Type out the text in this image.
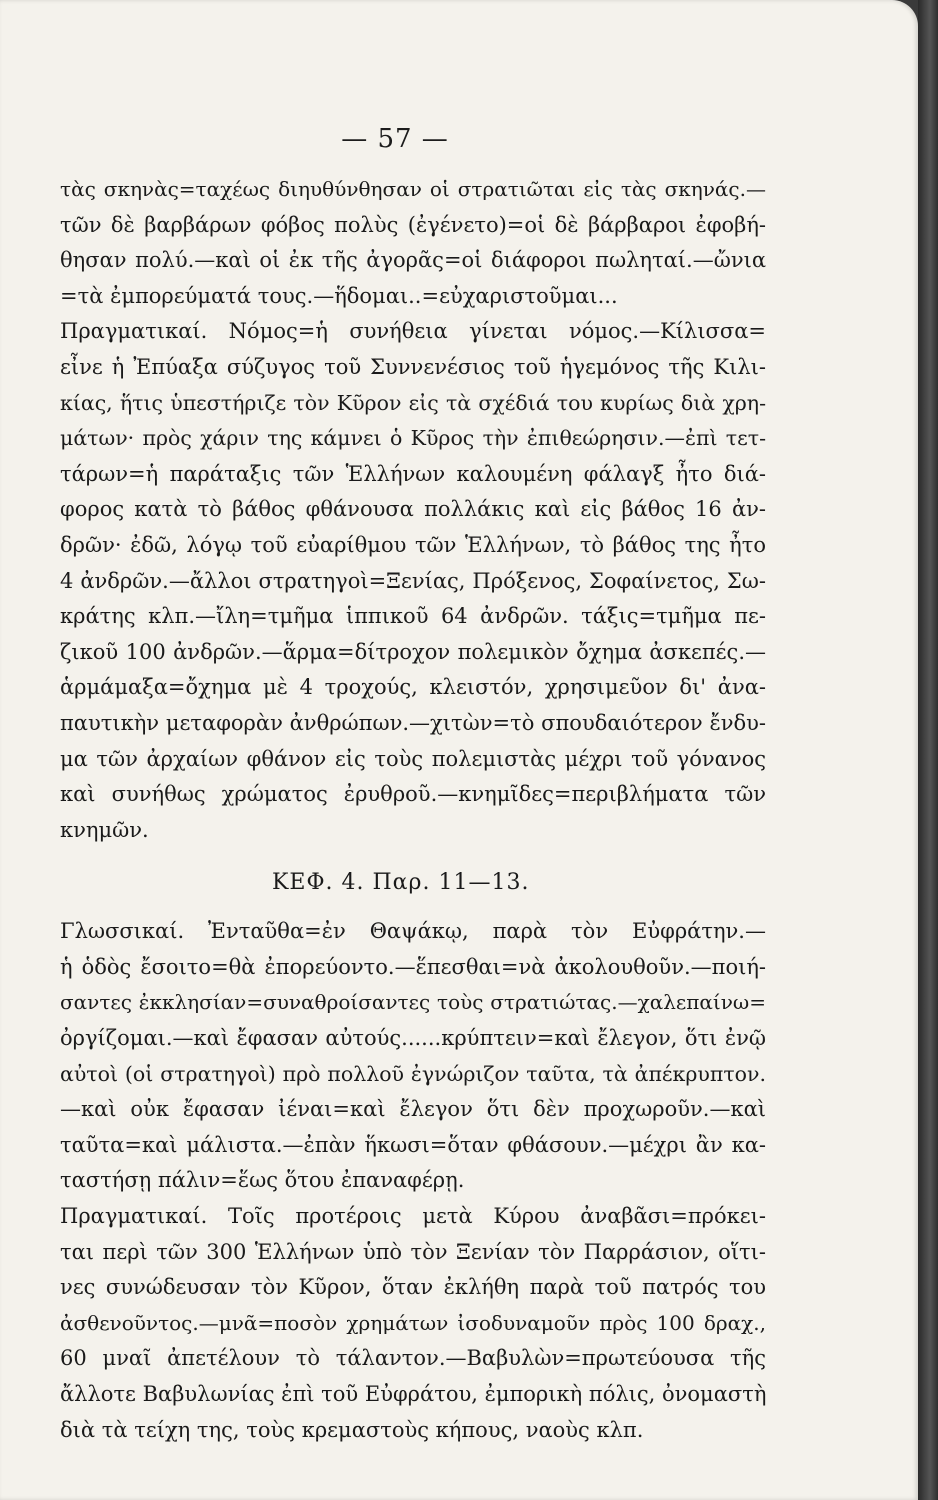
— 57 —
τὰς σκηνὰς=ταχέως διηυθύνθησαν οἱ στρατιῶται εἰς τὰς σκηνάς.—
τῶν δὲ βαρβάρων φόβος πολὺς (ἐγένετο)=οἱ δὲ βάρβαροι ἐφοβή-
θησαν πολύ.—καὶ οἱ ἐκ τῆς ἀγορᾶς=οἱ διάφοροι πωληταί.—ὤνια
=τὰ ἐμπορεύματά τους.—ἥδομαι..=εὐχαριστοῦμαι...
Πραγματικαί. Νόμος=ἡ συνήθεια γίνεται νόμος.—Κίλισσα=
εἶνε ἡ Ἐπύαξα σύζυγος τοῦ Συννενέσιος τοῦ ἡγεμόνος τῆς Κιλι-
κίας, ἥτις ὑπεστήριζε τὸν Κῦρον εἰς τὰ σχέδιά του κυρίως διὰ χρη-
μάτων· πρὸς χάριν της κάμνει ὁ Κῦρος τὴν ἐπιθεώρησιν.—ἐπὶ τετ-
τάρων=ἡ παράταξις τῶν Ἑλλήνων καλουμένη φάλαγξ ἦτο διά-
φορος κατὰ τὸ βάθος φθάνουσα πολλάκις καὶ εἰς βάθος 16 ἀν-
δρῶν· ἐδῶ, λόγῳ τοῦ εὐαρίθμου τῶν Ἑλλήνων, τὸ βάθος της ἦτο
4 ἀνδρῶν.—ἄλλοι στρατηγοὶ=Ξενίας, Πρόξενος, Σοφαίνετος, Σω-
κράτης κλπ.—ἴλη=τμῆμα ἱππικοῦ 64 ἀνδρῶν. τάξις=τμῆμα πε-
ζικοῦ 100 ἀνδρῶν.—ἅρμα=δίτροχον πολεμικὸν ὄχημα ἀσκεπές.—
ἁρμάμαξα=ὄχημα μὲ 4 τροχούς, κλειστόν, χρησιμεῦον δι' ἀνα-
παυτικὴν μεταφορὰν ἀνθρώπων.—χιτὼν=τὸ σπουδαιότερον ἔνδυ-
μα τῶν ἀρχαίων φθάνον εἰς τοὺς πολεμιστὰς μέχρι τοῦ γόνανος
καὶ συνήθως χρώματος ἐρυθροῦ.—κνημῖδες=περιβλήματα τῶν
κνημῶν.
ΚΕΦ. 4. Παρ. 11—13.
Γλωσσικαί. Ἐνταῦθα=ἐν Θαψάκῳ, παρὰ τὸν Εὐφράτην.—
ἡ ὁδὸς ἔσοιτο=θὰ ἐπορεύοντο.—ἕπεσθαι=νὰ ἀκολουθοῦν.—ποιή-
σαντες ἐκκλησίαν=συναθροίσαντες τοὺς στρατιώτας.—χαλεπαίνω=
ὀργίζομαι.—καὶ ἔφασαν αὐτούς......κρύπτειν=καὶ ἔλεγον, ὅτι ἐνῷ
αὐτοὶ (οἱ στρατηγοὶ) πρὸ πολλοῦ ἐγνώριζον ταῦτα, τὰ ἀπέκρυπτον.
—καὶ οὐκ ἔφασαν ἰέναι=καὶ ἔλεγον ὅτι δὲν προχωροῦν.—καὶ
ταῦτα=καὶ μάλιστα.—ἐπὰν ἥκωσι=ὅταν φθάσουν.—μέχρι ἂν κα-
ταστήσῃ πάλιν=ἕως ὅτου ἐπαναφέρῃ.
Πραγματικαί. Τοῖς προτέροις μετὰ Κύρου ἀναβᾶσι=πρόκει-
ται περὶ τῶν 300 Ἑλλήνων ὑπὸ τὸν Ξενίαν τὸν Παρράσιον, οἵτι-
νες συνώδευσαν τὸν Κῦρον, ὅταν ἐκλήθη παρὰ τοῦ πατρός του
ἀσθενοῦντος.—μνᾶ=ποσὸν χρημάτων ἰσοδυναμοῦν πρὸς 100 δραχ.,
60 μναῖ ἀπετέλουν τὸ τάλαντον.—Βαβυλὼν=πρωτεύουσα τῆς
ἄλλοτε Βαβυλωνίας ἐπὶ τοῦ Εὐφράτου, ἐμπορικὴ πόλις, ὀνομαστὴ
διὰ τὰ τείχη της, τοὺς κρεμαστοὺς κήπους, ναοὺς κλπ.
